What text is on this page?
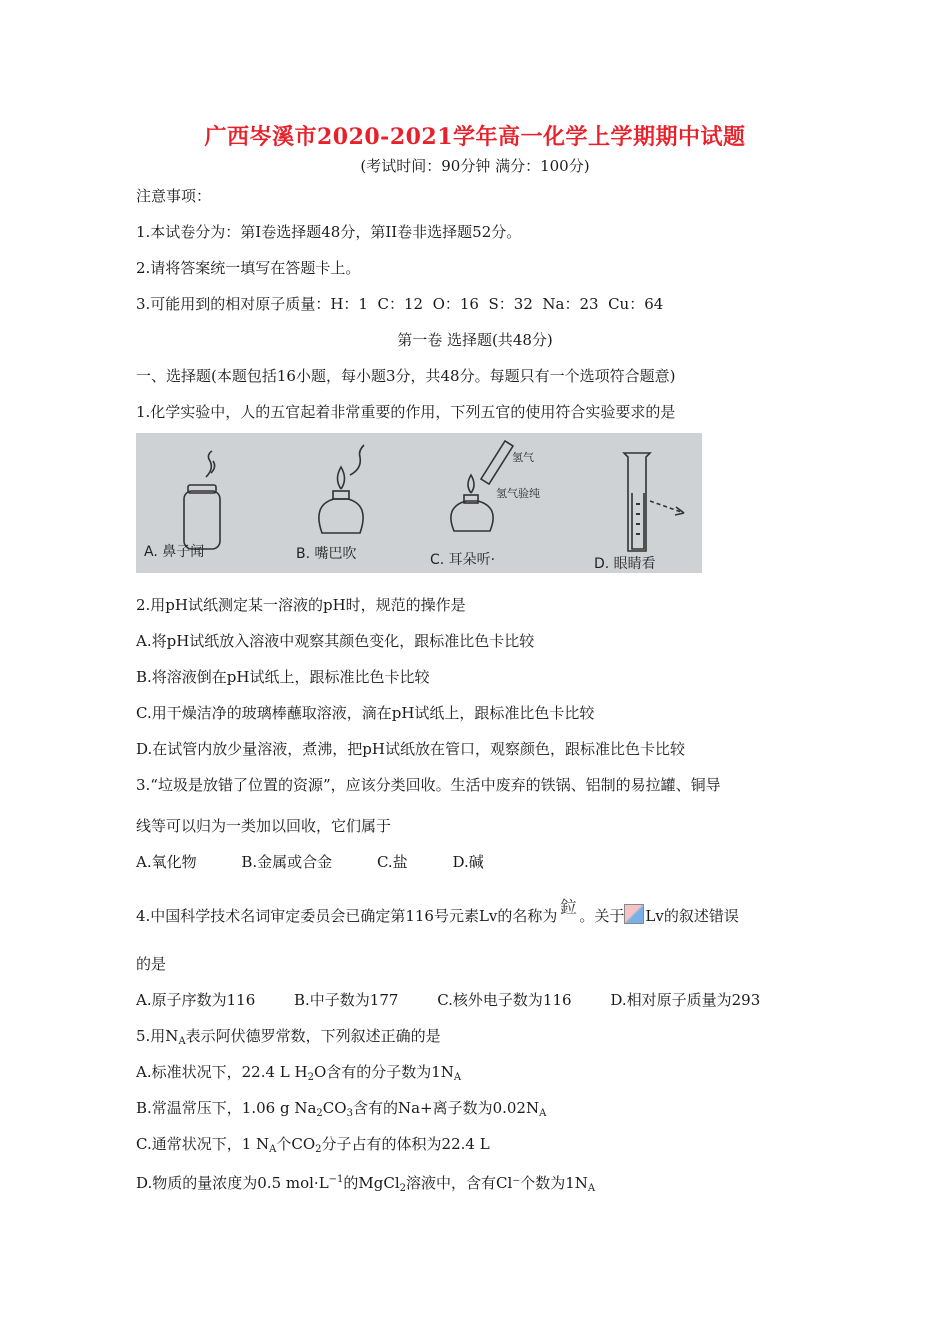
广西岑溪市2020-2021学年高一化学上学期期中试题
(考试时间：90分钟 满分：100分)
注意事项：
1.本试卷分为：第I卷选择题48分，第II卷非选择题52分。
2.请将答案统一填写在答题卡上。
3.可能用到的相对原子质量：H：1  C：12  O：16  S：32  Na：23  Cu：64
第一卷 选择题(共48分)
一、选择题(本题包括16小题，每小题3分，共48分。每题只有一个选项符合题意)
1.化学实验中，人的五官起着非常重要的作用，下列五官的使用符合实验要求的是
氢气
氢气验纯
A. 鼻子闻	B. 嘴巴吹	C. 耳朵听·	D. 眼睛看
2.用pH试纸测定某一溶液的pH时，规范的操作是
A.将pH试纸放入溶液中观察其颜色变化，跟标准比色卡比较
B.将溶液倒在pH试纸上，跟标准比色卡比较
C.用干燥洁净的玻璃棒蘸取溶液，滴在pH试纸上，跟标准比色卡比较
D.在试管内放少量溶液，煮沸，把pH试纸放在管口，观察颜色，跟标准比色卡比较
3.“垃圾是放错了位置的资源”，应该分类回收。生活中废弃的铁锅、铝制的易拉罐、铜导
线等可以归为一类加以回收，它们属于
A.氧化物	B.金属或合金	C.盐	D.碱
4.中国科学技术名词审定委员会已确定第116号元素Lv的名称为 鉝 。关于 Lv的叙述错误
的是
A.原子序数为116	B.中子数为177	C.核外电子数为116	D.相对原子质量为293
5.用$N_A$表示阿伏德罗常数，下列叙述正确的是
A.标准状况下，22.4 L $H_2O$含有的分子数为$1N_A$
B.常温常压下，1.06 g $Na_2CO_3$含有的Na+离子数为$0.02N_A$
C.通常状况下，1 $N_A$个$CO_2$分子占有的体积为22.4 L
D.物质的量浓度为0.5 $mol\cdot L^{-1}$的MgCl$_2$溶液中，含有Cl⁻个数为$1N_A$
